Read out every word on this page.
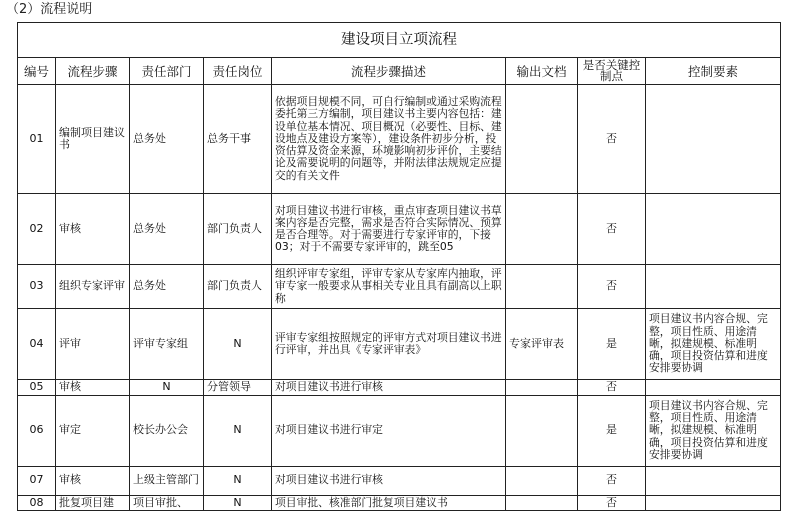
（2）流程说明
建设项目立项流程							
编号	流程步骤	责任部门	责任岗位	流程步骤描述	输出文档	是否关键控制点	控制要素
01	编制项目建议书	总务处	总务干事	依据项目规模不同，可自行编制或通过采购流程委托第三方编制，项目建议书主要内容包括：建设单位基本情况、项目概况（必要性、目标、建设地点及建设方案等），建设条件初步分析，投资估算及资金来源，环境影响初步评价，主要结论及需要说明的问题等，并附法律法规规定应提交的有关文件		否	
02	审核	总务处	部门负责人	对项目建议书进行审核，重点审查项目建议书草案内容是否完整，需求是否符合实际情况、预算是否合理等。对于需要进行专家评审的，下接03；对于不需要专家评审的，跳至05		否	
03	组织专家评审	总务处	部门负责人	组织评审专家组，评审专家从专家库内抽取，评审专家一般要求从事相关专业且具有副高以上职称		否	
04	评审	评审专家组	N	评审专家组按照规定的评审方式对项目建议书进行评审，并出具《专家评审表》	专家评审表	是	项目建议书内容合规、完整，项目性质、用途清晰，拟建规模、标准明确，项目投资估算和进度安排要协调
05	审核	N	分管领导	对项目建议书进行审核		否	
06	审定	校长办公会	N	对项目建议书进行审定		是	项目建议书内容合规、完整，项目性质、用途清晰，拟建规模、标准明确，项目投资估算和进度安排要协调
07	审核	上级主管部门	N	对项目建议书进行审核		否	
08	批复项目建	项目审批、	N	项目审批、核准部门批复项目建议书		否	
